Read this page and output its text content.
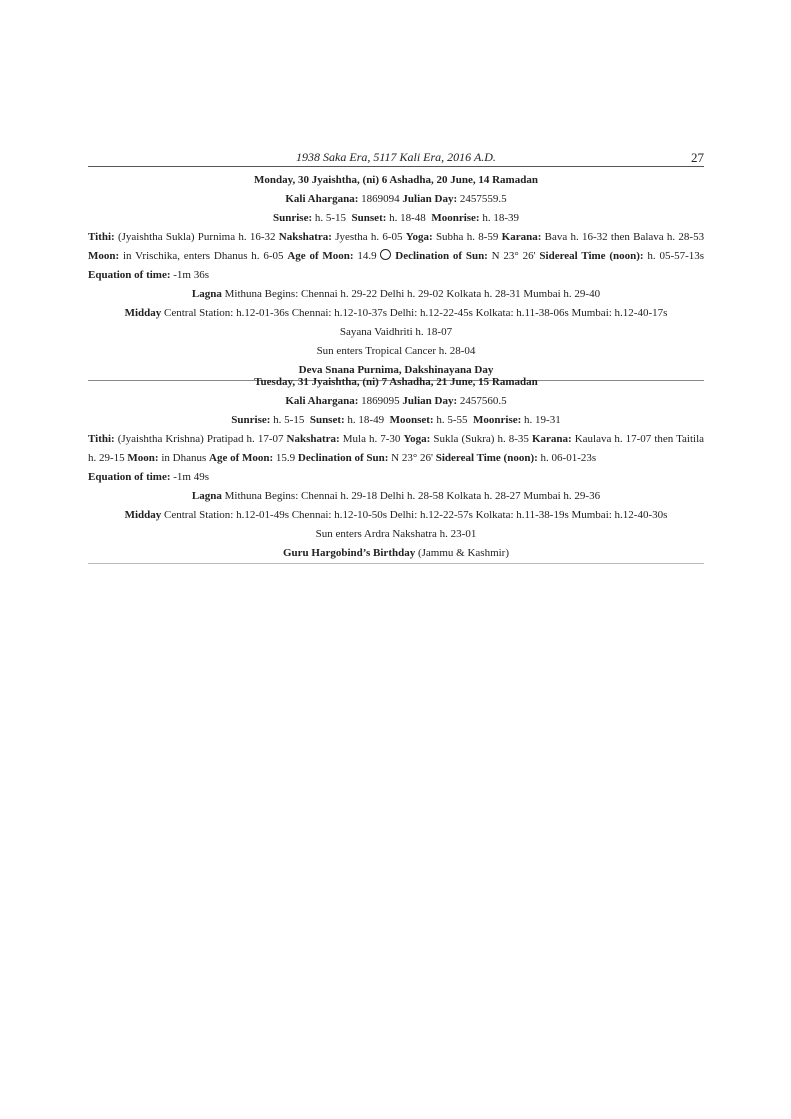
1938 Saka Era, 5117 Kali Era, 2016 A.D.	27
Monday, 30 Jyaishtha, (ni) 6 Ashadha, 20 June, 14 Ramadan
Kali Ahargana: 1869094 Julian Day: 2457559.5
Sunrise: h. 5-15 Sunset: h. 18-48 Moonrise: h. 18-39
Tithi: (Jyaishtha Sukla) Purnima h. 16-32 Nakshatra: Jyestha h. 6-05 Yoga: Subha h. 8-59 Karana: Bava h. 16-32 then Balava h. 28-53 Moon: in Vrischika, enters Dhanus h. 6-05 Age of Moon: 14.9 Declination of Sun: N 23° 26' Sidereal Time (noon): h. 05-57-13s Equation of time: -1m 36s
Lagna Mithuna Begins: Chennai h. 29-22 Delhi h. 29-02 Kolkata h. 28-31 Mumbai h. 29-40
Midday Central Station: h.12-01-36s Chennai: h.12-10-37s Delhi: h.12-22-45s Kolkata: h.11-38-06s Mumbai: h.12-40-17s
Sayana Vaidhriti h. 18-07
Sun enters Tropical Cancer h. 28-04
Deva Snana Purnima, Dakshinayana Day
Tuesday, 31 Jyaishtha, (ni) 7 Ashadha, 21 June, 15 Ramadan
Kali Ahargana: 1869095 Julian Day: 2457560.5
Sunrise: h. 5-15 Sunset: h. 18-49 Moonset: h. 5-55 Moonrise: h. 19-31
Tithi: (Jyaishtha Krishna) Pratipad h. 17-07 Nakshatra: Mula h. 7-30 Yoga: Sukla (Sukra) h. 8-35 Karana: Kaulava h. 17-07 then Taitila h. 29-15 Moon: in Dhanus Age of Moon: 15.9 Declination of Sun: N 23° 26' Sidereal Time (noon): h. 06-01-23s
Equation of time: -1m 49s
Lagna Mithuna Begins: Chennai h. 29-18 Delhi h. 28-58 Kolkata h. 28-27 Mumbai h. 29-36
Midday Central Station: h.12-01-49s Chennai: h.12-10-50s Delhi: h.12-22-57s Kolkata: h.11-38-19s Mumbai: h.12-40-30s
Sun enters Ardra Nakshatra h. 23-01
Guru Hargobind’s Birthday (Jammu & Kashmir)
